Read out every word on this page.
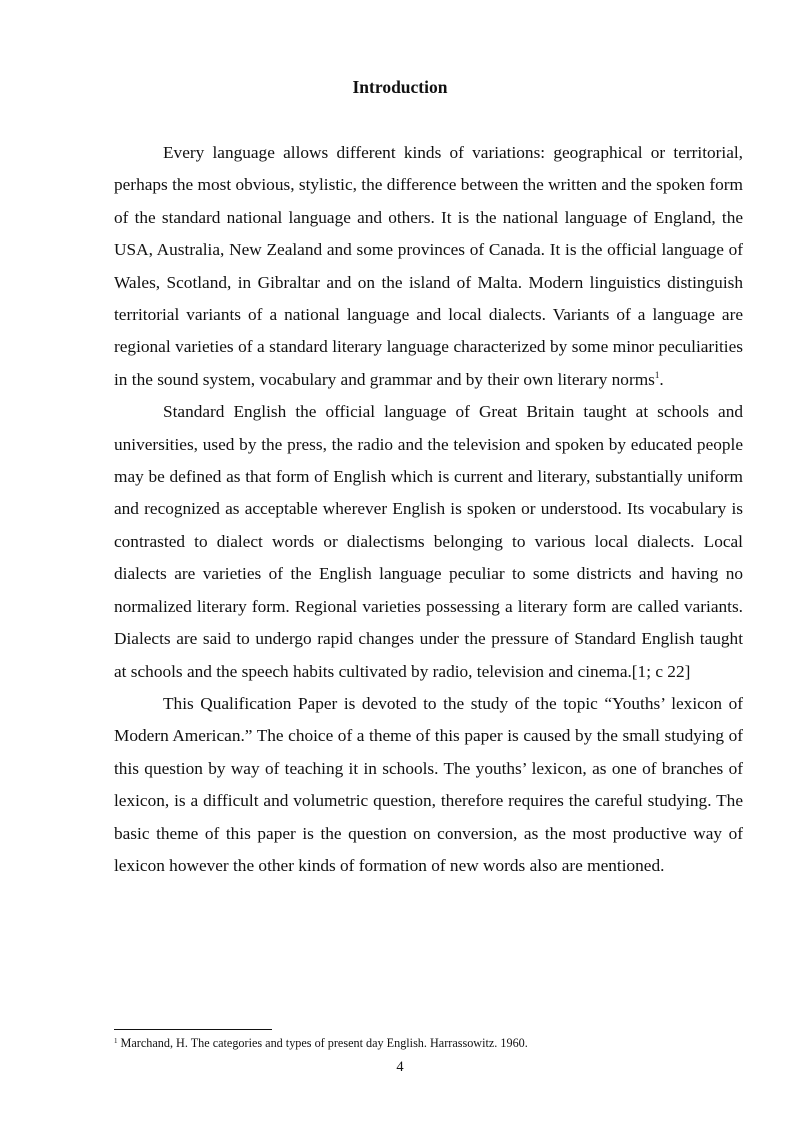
Introduction

Every language allows different kinds of variations: geographical or territorial, perhaps the most obvious, stylistic, the difference between the written and the spoken form of the standard national language and others. It is the national language of England, the USA, Australia, New Zealand and some provinces of Canada. It is the official language of Wales, Scotland, in Gibraltar and on the island of Malta. Modern linguistics distinguish territorial variants of a national language and local dialects. Variants of a language are regional varieties of a standard literary language characterized by some minor peculiarities in the sound system, vocabulary and grammar and by their own literary norms$^1$.

Standard English the official language of Great Britain taught at schools and universities, used by the press, the radio and the television and spoken by educated people may be defined as that form of English which is current and literary, substantially uniform and recognized as acceptable wherever English is spoken or understood. Its vocabulary is contrasted to dialect words or dialectisms belonging to various local dialects. Local dialects are varieties of the English language peculiar to some districts and having no normalized literary form. Regional varieties possessing a literary form are called variants. Dialects are said to undergo rapid changes under the pressure of Standard English taught at schools and the speech habits cultivated by radio, television and cinema.[1; c 22]

This Qualification Paper is devoted to the study of the topic “Youths’ lexicon of Modern American.” The choice of a theme of this paper is caused by the small studying of this question by way of teaching it in schools. The youths’ lexicon, as one of branches of lexicon, is a difficult and volumetric question, therefore requires the careful studying. The basic theme of this paper is the question on conversion, as the most productive way of lexicon however the other kinds of formation of new words also are mentioned.

$^1$ Marchand, H. The categories and types of present day English. Harrassowitz. 1960.

4
